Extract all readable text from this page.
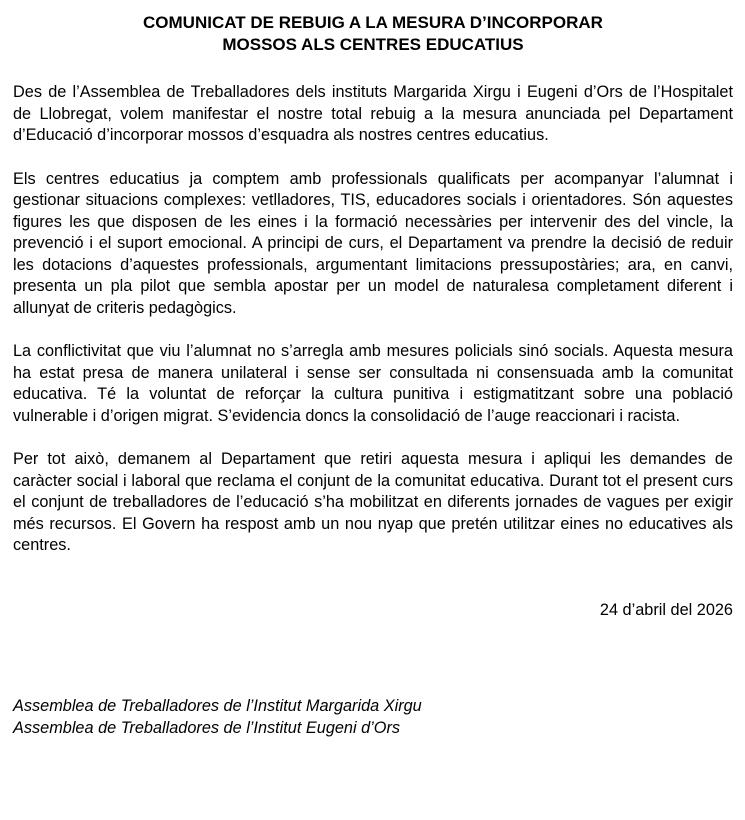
COMUNICAT DE REBUIG A LA MESURA D’INCORPORAR
MOSSOS ALS CENTRES EDUCATIUS

Des de l’Assemblea de Treballadores dels instituts Margarida Xirgu i Eugeni d’Ors de l’Hospitalet de Llobregat, volem manifestar el nostre total rebuig a la mesura anunciada pel Departament d’Educació d’incorporar mossos d’esquadra als nostres centres educatius.

Els centres educatius ja comptem amb professionals qualificats per acompanyar l’alumnat i gestionar situacions complexes: vetlladores, TIS, educadores socials i orientadores. Són aquestes figures les que disposen de les eines i la formació necessàries per intervenir des del vincle, la prevenció i el suport emocional. A principi de curs, el Departament va prendre la decisió de reduir les dotacions d’aquestes professionals, argumentant limitacions pressupostàries; ara, en canvi, presenta un pla pilot que sembla apostar per un model de naturalesa completament diferent i allunyat de criteris pedagògics.

La conflictivitat que viu l’alumnat no s’arregla amb mesures policials sinó socials. Aquesta mesura ha estat presa de manera unilateral i sense ser consultada ni consensuada amb la comunitat educativa. Té la voluntat de reforçar la cultura punitiva i estigmatitzant sobre una població vulnerable i d’origen migrat. S’evidencia doncs la consolidació de l’auge reaccionari i racista.

Per tot això, demanem al Departament que retiri aquesta mesura i apliqui les demandes de caràcter social i laboral que reclama el conjunt de la comunitat educativa. Durant tot el present curs el conjunt de treballadores de l’educació s’ha mobilitzat en diferents jornades de vagues per exigir més recursos. El Govern ha respost amb un nou nyap que pretén utilitzar eines no educatives als centres.

24 d’abril del 2026
Assemblea de Treballadores de l’Institut Margarida Xirgu
Assemblea de Treballadores de l’Institut Eugeni d’Ors
